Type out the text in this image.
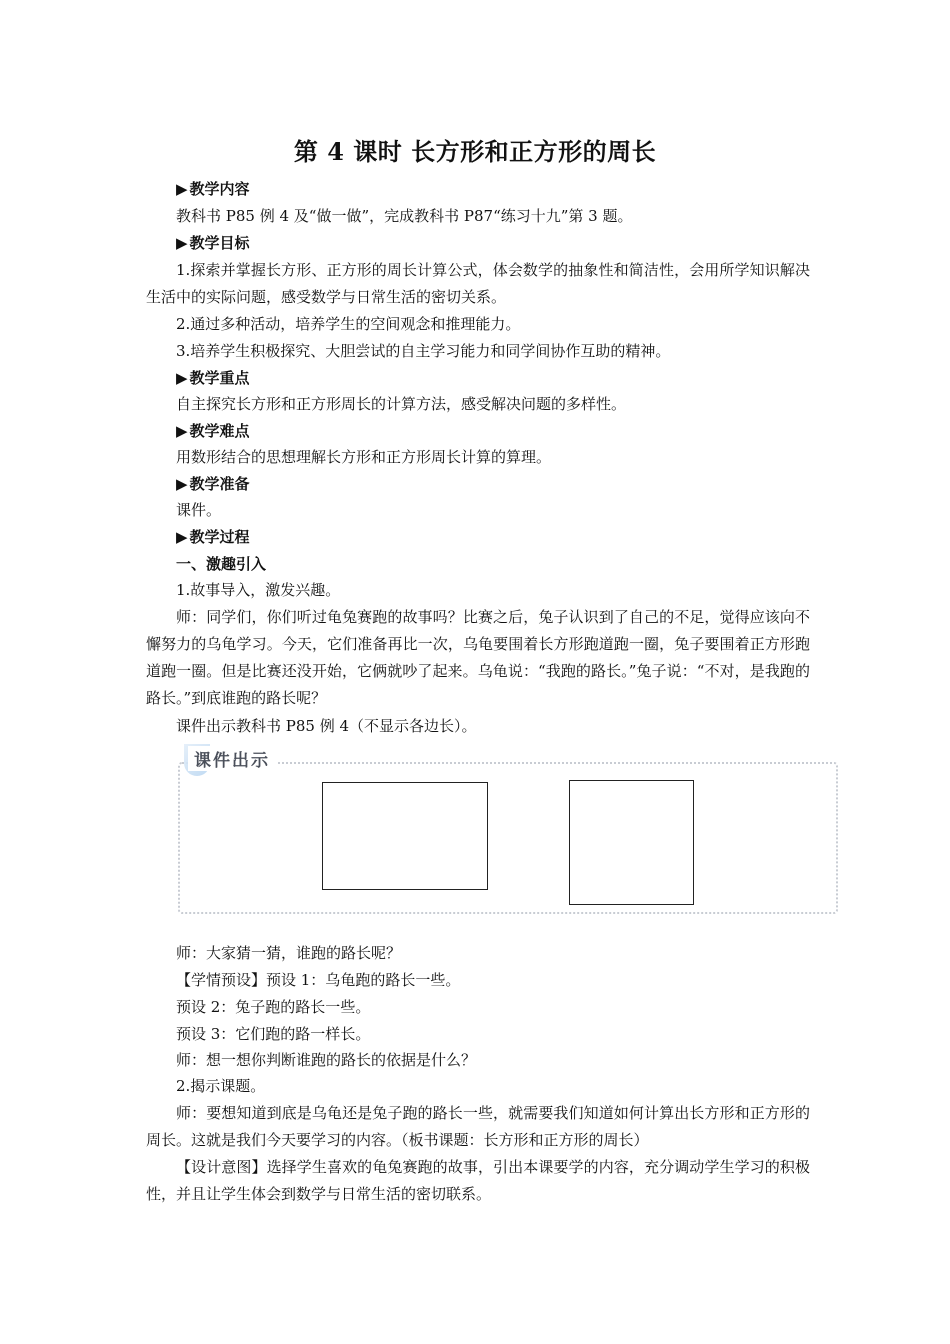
第 4 课时 长方形和正方形的周长
▶ 教学内容
教科书 P85 例 4 及“做一做”，完成教科书 P87“练习十九”第 3 题。
▶ 教学目标
1.探索并掌握长方形、正方形的周长计算公式，体会数学的抽象性和简洁性，会用所学知识解决生活中的实际问题，感受数学与日常生活的密切关系。
2.通过多种活动，培养学生的空间观念和推理能力。
3.培养学生积极探究、大胆尝试的自主学习能力和同学间协作互助的精神。
▶ 教学重点
自主探究长方形和正方形周长的计算方法，感受解决问题的多样性。
▶ 教学难点
用数形结合的思想理解长方形和正方形周长计算的算理。
▶ 教学准备
课件。
▶ 教学过程
一、激趣引入
1.故事导入，激发兴趣。
师：同学们，你们听过龟兔赛跑的故事吗？比赛之后，兔子认识到了自己的不足，觉得应该向不懈努力的乌龟学习。今天，它们准备再比一次，乌龟要围着长方形跑道跑一圈，兔子要围着正方形跑道跑一圈。但是比赛还没开始，它俩就吵了起来。乌龟说：“我跑的路长。”兔子说：“不对，是我跑的路长。”到底谁跑的路长呢？
课件出示教科书 P85 例 4（不显示各边长）。
课件出示
师：大家猜一猜，谁跑的路长呢？
【学情预设】预设 1：乌龟跑的路长一些。
预设 2：兔子跑的路长一些。
预设 3：它们跑的路一样长。
师：想一想你判断谁跑的路长的依据是什么？
2.揭示课题。
师：要想知道到底是乌龟还是兔子跑的路长一些，就需要我们知道如何计算出长方形和正方形的周长。这就是我们今天要学习的内容。（板书课题：长方形和正方形的周长）
【设计意图】选择学生喜欢的龟兔赛跑的故事，引出本课要学的内容，充分调动学生学习的积极性，并且让学生体会到数学与日常生活的密切联系。
